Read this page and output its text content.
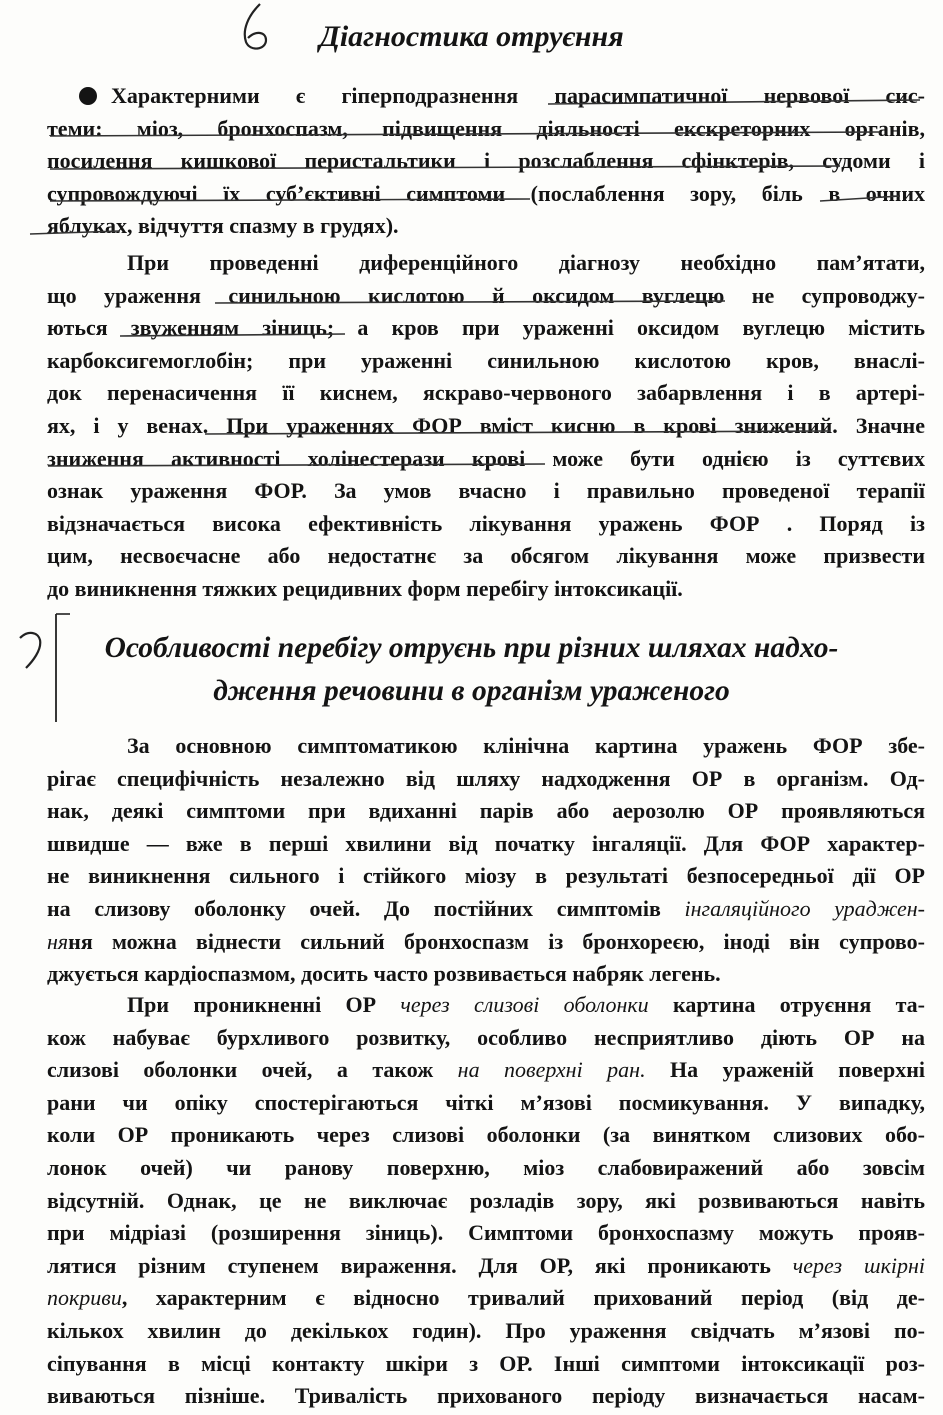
Діагностика отруєння
Характерними є гіперподразнення парасимпатичної нервової сис-
теми: міоз, бронхоспазм, підвищення діяльності екскреторних органів,
посилення кишкової перистальтики і розслаблення сфінктерів, судоми і
супровождуючі їх суб’єктивні симптоми (послаблення зору, біль в очних
яблуках, відчуття спазму в грудях).
При проведенні диференційного діагнозу необхідно пам’ятати,
що ураження синильною кислотою й оксидом вуглецю не супроводжу-
ються звуженням зіниць; а кров при ураженні оксидом вуглецю містить
карбоксигемоглобін; при ураженні синильною кислотою кров, внаслі-
док перенасичення її киснем, яскраво-червоного забарвлення і в артері-
ях, і у венах. При ураженнях ФОР вміст кисню в крові знижений. Значне
зниження активності холінестерази крові може бути однією із суттєвих
ознак ураження ФОР. За умов вчасно і правильно проведеної терапії
відзначається висока ефективність лікування уражень ФОР . Поряд із
цим, несвоєчасне або недостатнє за обсягом лікування може призвести
до виникнення тяжких рецидивних форм перебігу інтоксикації.
Особливості перебігу отруєнь при різних шляхах надхо-
дження речовини в організм ураженого
За основною симптоматикою клінічна картина уражень ФОР збе-
рігає специфічність незалежно від шляху надходження ОР в організм. Од-
нак, деякі симптоми при вдиханні парів або аерозолю ОР проявляються
швидше — вже в перші хвилини від початку інгаляції. Для ФОР характер-
не виникнення сильного і стійкого міозу в результаті безпосередньої дії ОР
на слизову оболонку очей. До постійних симптомів інгаляційного ураджен-
няня можна віднести сильний бронхоспазм із бронхореєю, іноді він супрово-
джується кардіоспазмом, досить часто розвивається набряк легень.
При проникненні ОР через слизові оболонки картина отруєння та-
кож набуває бурхливого розвитку, особливо несприятливо діють ОР на
слизові оболонки очей, а також на поверхні ран. На ураженій поверхні
рани чи опіку спостерігаються чіткі м’язові посмикування. У випадку,
коли ОР проникають через слизові оболонки (за винятком слизових обо-
лонок очей) чи ранову поверхню, міоз слабовиражений або зовсім
відсутній. Однак, це не виключає розладів зору, які розвиваються навіть
при мідріазі (розширення зіниць). Симптоми бронхоспазму можуть прояв-
лятися різним ступенем вираження. Для ОР, які проникають через шкірні
покриви, характерним є відносно тривалий прихований період (від де-
кількох хвилин до декількох годин). Про ураження свідчать м’язові по-
сіпування в місці контакту шкіри з ОР. Інші симптоми інтоксикації роз-
виваються пізніше. Тривалість прихованого періоду визначається насам-
